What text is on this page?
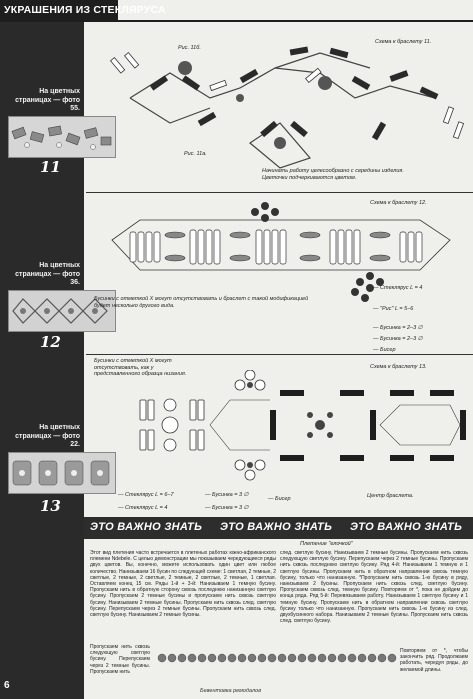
УКРАШЕНИЯ ИЗ СТЕКЛЯРУСА
На цветных страницах — фото 55.
11
На цветных страницах — фото 36.
12
На цветных страницах — фото 22.
13
Рис. 11б.
Схема к браслету 11.
Рис. 11а.
Начинать работу целесообразно с середины изделия. Цветочки подчеркиваются цветом.
Схема к браслету 12.
Бусинки с отметкой X могут отсутствовать и браслет с такой модификацией будет несколько другого вида.
— Стеклярус L = 4
— "Рис" L = 5–6
— Бусинка = 2–3 ∅
— Бусинка = 2–3 ∅
— Бисер
Бусинки с отметкой X могут отсутствовать, как у представленного образца низания.
Схема к браслету 13.
— Стеклярус L = 6–7
— Стеклярус L = 4
— Бусинка = 3 ∅
— Бусинка = 3 ∅
— Бисер	Центр браслета.
ЭТО ВАЖНО ЗНАТЬ ЭТО ВАЖНО ЗНАТЬ ЭТО ВАЖНО ЗНАТЬ
Плетение "елочкой"

Этот вид плетения часто встречается в плетеных работах южно-африканского племени Ndebele. С целью демонстрации мы показываем чередующиеся ряды двух цветов. Вы, конечно, можете использовать один цвет или любое количество. Нанизываем 16 бусин по следующей схеме: 1 светлая, 2 темные, 2 светлые, 2 темные, 2 светлые, 2 темные, 2 светлые, 2 темные, 1 светлая. Оставляем конец 15 см. Ряды 1-й + 3-й: Нанизываем 1 темную бусину. Пропускаем нить в обратную сторону сквозь последнюю нанизанную светлую бусину. Пропускаем 2 темные бусины и пропускаем нить сквозь светлую бусину. Нанизываем 2 темные бусины. Пропускаем нить сквозь след. светлую бусину. Перепускаем через 2 темные бусины. Пропускаем нить сквозь след. светлую бусину. Нанизываем 2 темные бусины.

Пропускаем нить сквозь следующую светлую бусину. Перепускаем через 2 темные бусины. Пропускаем нить

след. светлую бусину. Нанизываем 2 темные бусины. Пропускаем нить сквозь следующую светлую бусину. Перепускаем через 2 темные бусины. Пропускаем нить сквозь последнюю светлую бусину. Ряд 4-й: Нанизываем 1 темную и 1 светлую бусины. Пропускаем нить в обратном направлении сквозь темную бусину, только что нанизанную. *Пропускаем нить сквозь 1-ю бусину в ряду, нанизываем 2 бусины. Пропускаем нить сквозь след. светлую бусину. Пропускаем сквозь след. темную бусину. Повторяем от *, пока не дойдем до конца ряда. Ряд 5-й: Перевязываем работу. Нанизываем 1 светлую бусину и 1 темную бусину. Пропускаем нить в обратном направлении сквозь светлую бусину только что нанизанную. Пропускаем нить сквозь 1-ю бусину из след. двухбусинного набора. Нанизываем 2 темные бусины. Пропускаем нить сквозь след. светлую бусину.

Повторяем от *, чтобы закончить ряд. Продолжаем работать, чередуя ряды, до желаемой длины.

6	Бевентовка ремодалов
